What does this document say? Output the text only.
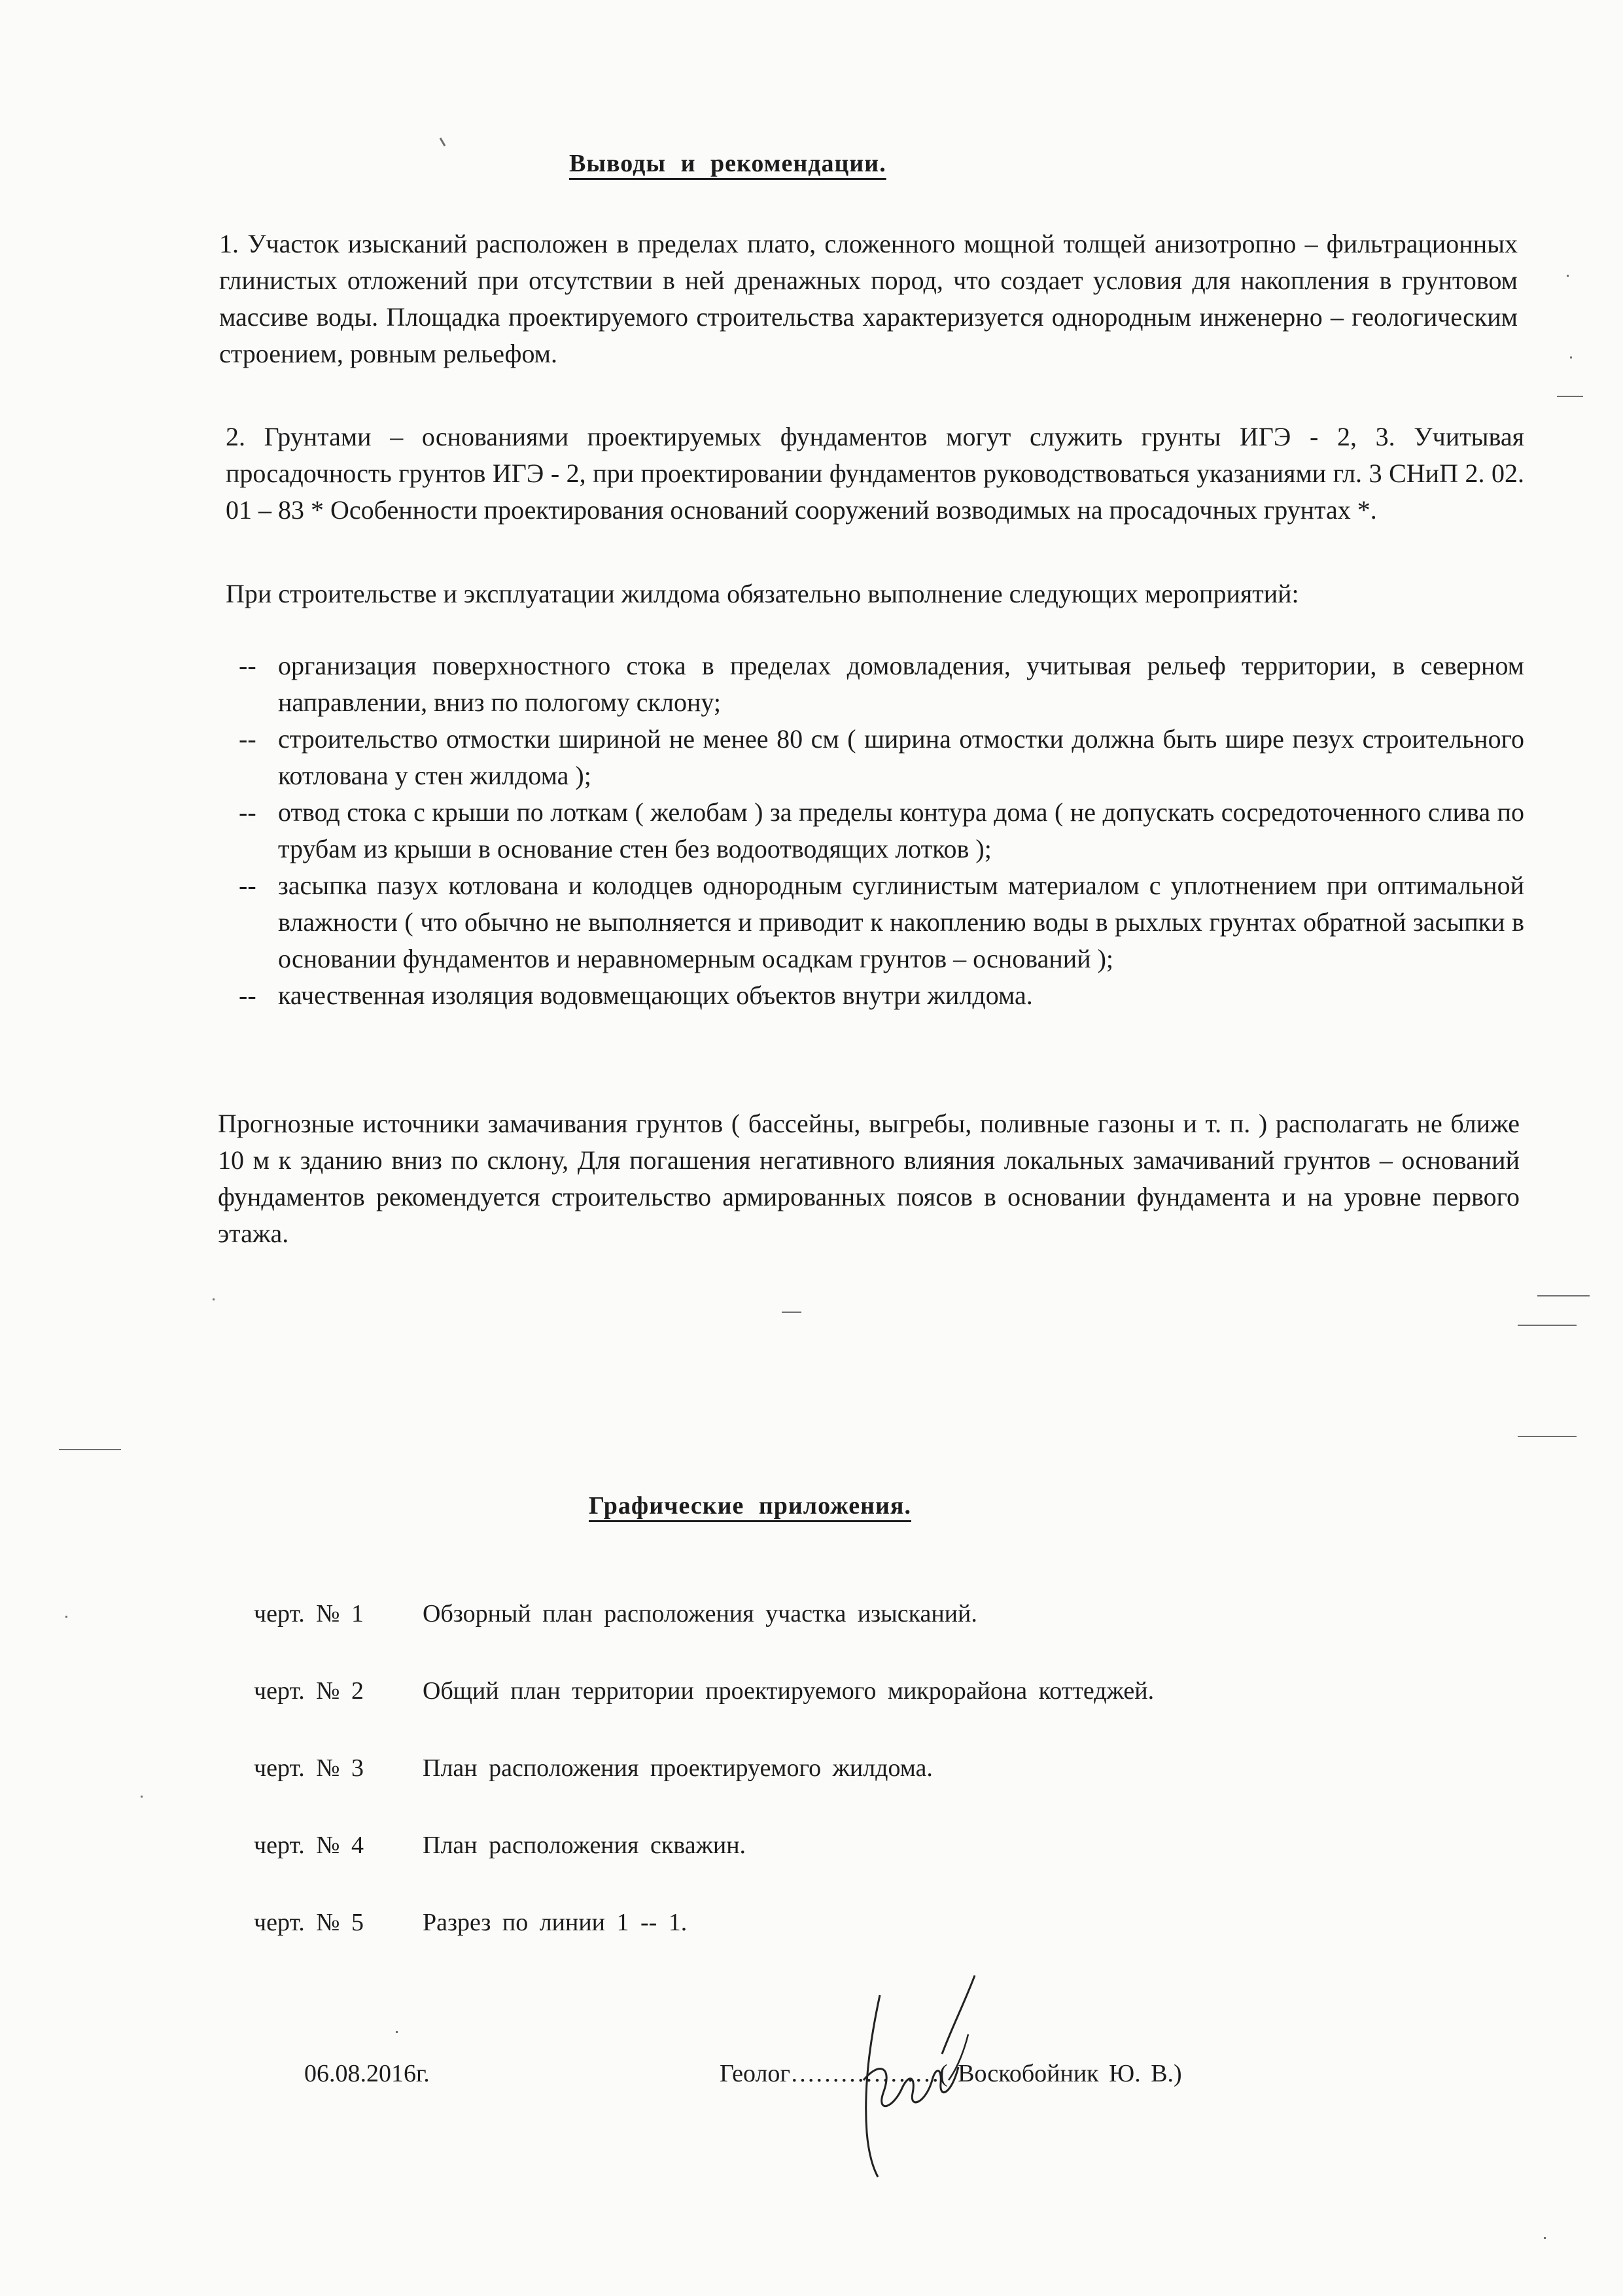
Выводы и рекомендации.
1. Участок изысканий расположен в пределах плато, сложенного мощной толщей анизотропно – фильтрационных глинистых отложений при отсутствии в ней дренажных пород, что создает условия для накопления в грунтовом массиве воды. Площадка проектируемого строительства характеризуется однородным инженерно – геологическим строением, ровным рельефом.
2. Грунтами – основаниями проектируемых фундаментов могут служить грунты ИГЭ - 2, 3. Учитывая просадочность грунтов ИГЭ - 2, при проектировании фундаментов руководствоваться указаниями гл. 3 СНиП 2. 02. 01 – 83 * Особенности проектирования оснований сооружений возводимых на просадочных грунтах *.
При строительстве и эксплуатации жилдома обязательно выполнение следующих мероприятий:
-- организация поверхностного стока в пределах домовладения, учитывая рельеф территории, в северном направлении, вниз по пологому склону;
-- строительство отмостки шириной не менее 80 см ( ширина отмостки должна быть шире пезух строительного котлована у стен жилдома );
-- отвод стока с крыши по лоткам ( желобам ) за пределы контура дома ( не допускать сосредоточенного слива по трубам из крыши в основание стен без водоотводящих лотков );
-- засыпка пазух котлована и колодцев однородным суглинистым материалом с уплотнением при оптимальной влажности ( что обычно не выполняется и приводит к накоплению воды в рыхлых грунтах обратной засыпки в основании фундаментов и неравномерным осадкам грунтов – оснований );
-- качественная изоляция водовмещающих объектов внутри жилдома.
Прогнозные источники замачивания грунтов ( бассейны, выгребы, поливные газоны и т. п. ) располагать не ближе 10 м к зданию вниз по склону, Для погашения негативного влияния локальных замачиваний грунтов – оснований фундаментов рекомендуется строительство армированных поясов в основании фундамента и на уровне первого этажа.
Графические приложения.
черт. № 1	Обзорный план расположения участка изысканий.
черт. № 2	Общий план территории проектируемого микрорайона коттеджей.
черт. № 3	План расположения проектируемого жилдома.
черт. № 4	План расположения скважин.
черт. № 5	Разрез по линии 1 -- 1.
06.08.2016г.	Геолог………………( Воскобойник Ю. В.)
